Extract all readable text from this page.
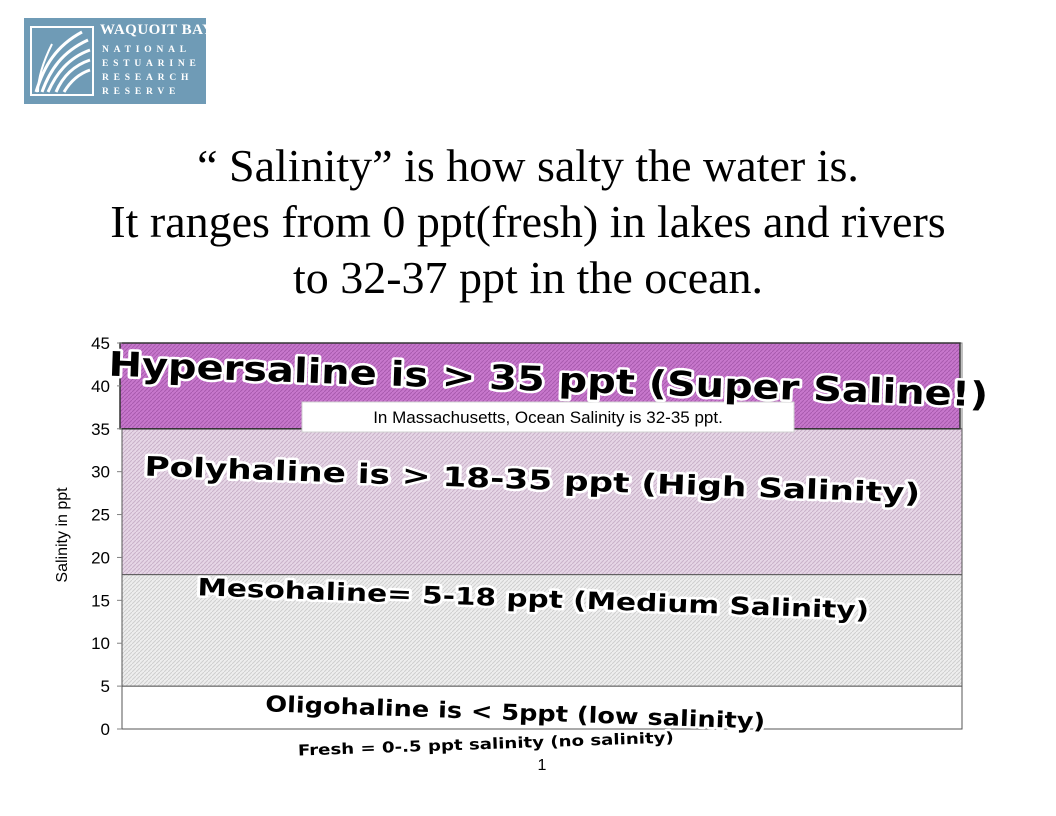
WAQUOIT BAY
NATIONAL
ESTUARINE
RESEARCH
RESERVE
“ Salinity” is how salty the water is.
It ranges from 0 ppt(fresh) in lakes and rivers
to 32-37 ppt in the ocean.
0
5
10
15
20
25
30
35
40
45
Salinity in ppt
1
In Massachusetts, Ocean Salinity is 32-35 ppt.
Hypersaline is > 35 ppt (Super Saline!)
Polyhaline is > 18-35 ppt (High Salinity)
Mesohaline= 5-18 ppt (Medium Salinity)
Oligohaline is < 5ppt (low salinity)
Fresh = 0-.5 ppt salinity (no salinity)
